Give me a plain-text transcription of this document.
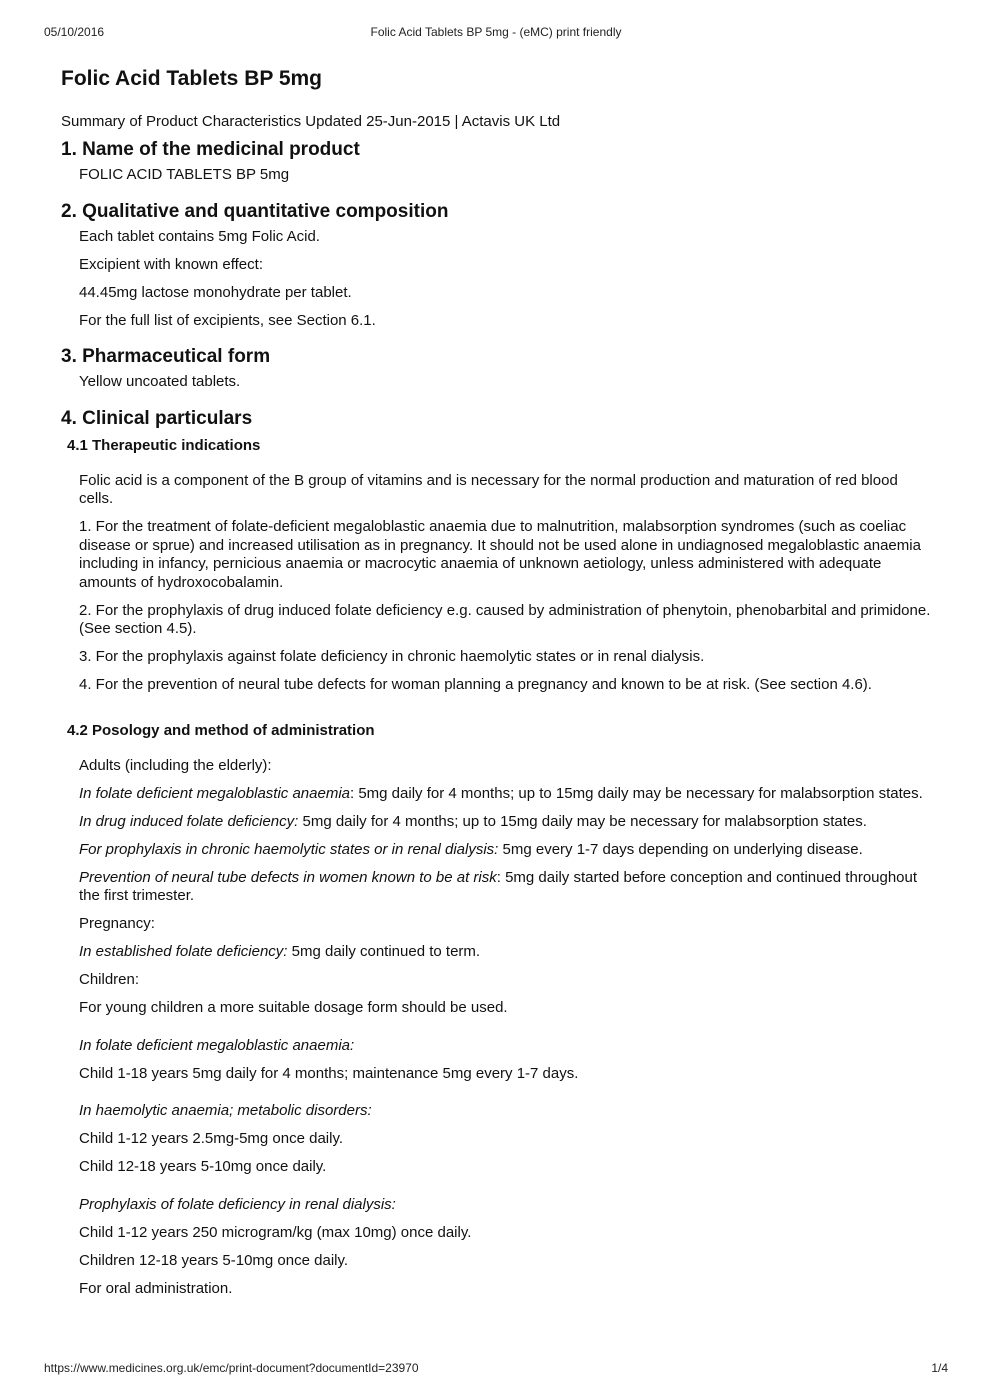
05/10/2016	Folic Acid Tablets BP 5mg - (eMC) print friendly
Folic Acid Tablets BP 5mg
Summary of Product Characteristics Updated 25-Jun-2015 | Actavis UK Ltd
1. Name of the medicinal product

FOLIC ACID TABLETS BP 5mg

2. Qualitative and quantitative composition

Each tablet contains 5mg Folic Acid.

Excipient with known effect:

44.45mg lactose monohydrate per tablet.

For the full list of excipients, see Section 6.1.

3. Pharmaceutical form

Yellow uncoated tablets.

4. Clinical particulars
4.1 Therapeutic indications

Folic acid is a component of the B group of vitamins and is necessary for the normal production and maturation of red blood cells.

1. For the treatment of folate-deficient megaloblastic anaemia due to malnutrition, malabsorption syndromes (such as coeliac disease or sprue) and increased utilisation as in pregnancy. It should not be used alone in undiagnosed megaloblastic anaemia including in infancy, pernicious anaemia or macrocytic anaemia of unknown aetiology, unless administered with adequate amounts of hydroxocobalamin.

2. For the prophylaxis of drug induced folate deficiency e.g. caused by administration of phenytoin, phenobarbital and primidone. (See section 4.5).

3. For the prophylaxis against folate deficiency in chronic haemolytic states or in renal dialysis.

4. For the prevention of neural tube defects for woman planning a pregnancy and known to be at risk. (See section 4.6).

4.2 Posology and method of administration

Adults (including the elderly):

In folate deficient megaloblastic anaemia: 5mg daily for 4 months; up to 15mg daily may be necessary for malabsorption states.

In drug induced folate deficiency: 5mg daily for 4 months; up to 15mg daily may be necessary for malabsorption states.

For prophylaxis in chronic haemolytic states or in renal dialysis: 5mg every 1-7 days depending on underlying disease.

Prevention of neural tube defects in women known to be at risk: 5mg daily started before conception and continued throughout the first trimester.

Pregnancy:

In established folate deficiency: 5mg daily continued to term.

Children:

For young children a more suitable dosage form should be used.

In folate deficient megaloblastic anaemia:

Child 1-18 years 5mg daily for 4 months; maintenance 5mg every 1-7 days.

In haemolytic anaemia; metabolic disorders:

Child 1-12 years 2.5mg-5mg once daily.

Child 12-18 years 5-10mg once daily.

Prophylaxis of folate deficiency in renal dialysis:

Child 1-12 years 250 microgram/kg (max 10mg) once daily.

Children 12-18 years 5-10mg once daily.

For oral administration.

https://www.medicines.org.uk/emc/print-document?documentId=23970	1/4
